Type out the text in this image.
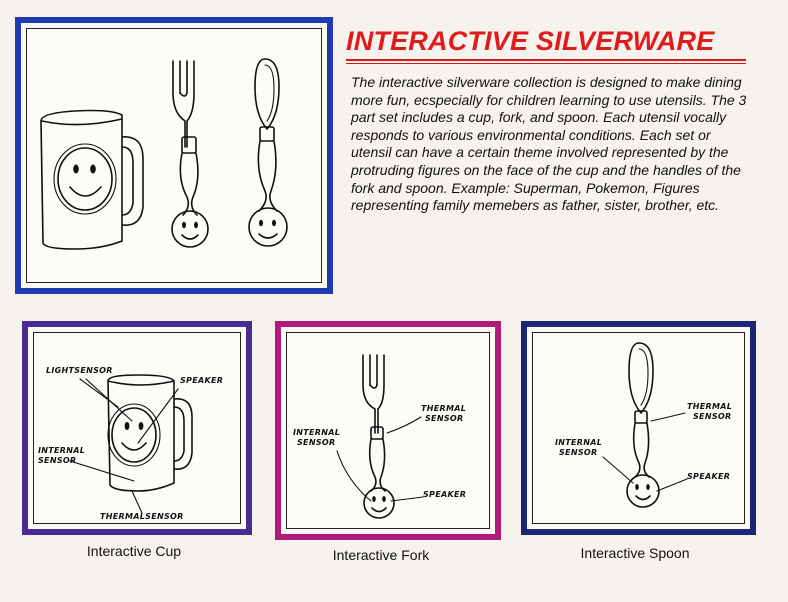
INTERACTIVE SILVERWARE

The interactive silverware collection is designed to make dining more fun, ecspecially for children learning to use utensils. The 3 part set includes a cup, fork, and spoon. Each utensil vocally responds to various environmental conditions. Each set or utensil can have a certain theme involved represented by the protruding figures on the face of the cup and the handles of the fork and spoon. Example: Superman, Pokemon, Figures representing family memebers as father, sister, brother, etc.

LIGHTSENSOR
SPEAKER
INTERNAL
SENSOR
THERMALSENSOR
THERMAL
SENSOR
INTERNAL
SENSOR
SPEAKER
THERMAL
SENSOR
INTERNAL
SENSOR
SPEAKER
Interactive Cup	Interactive Fork	Interactive Spoon
